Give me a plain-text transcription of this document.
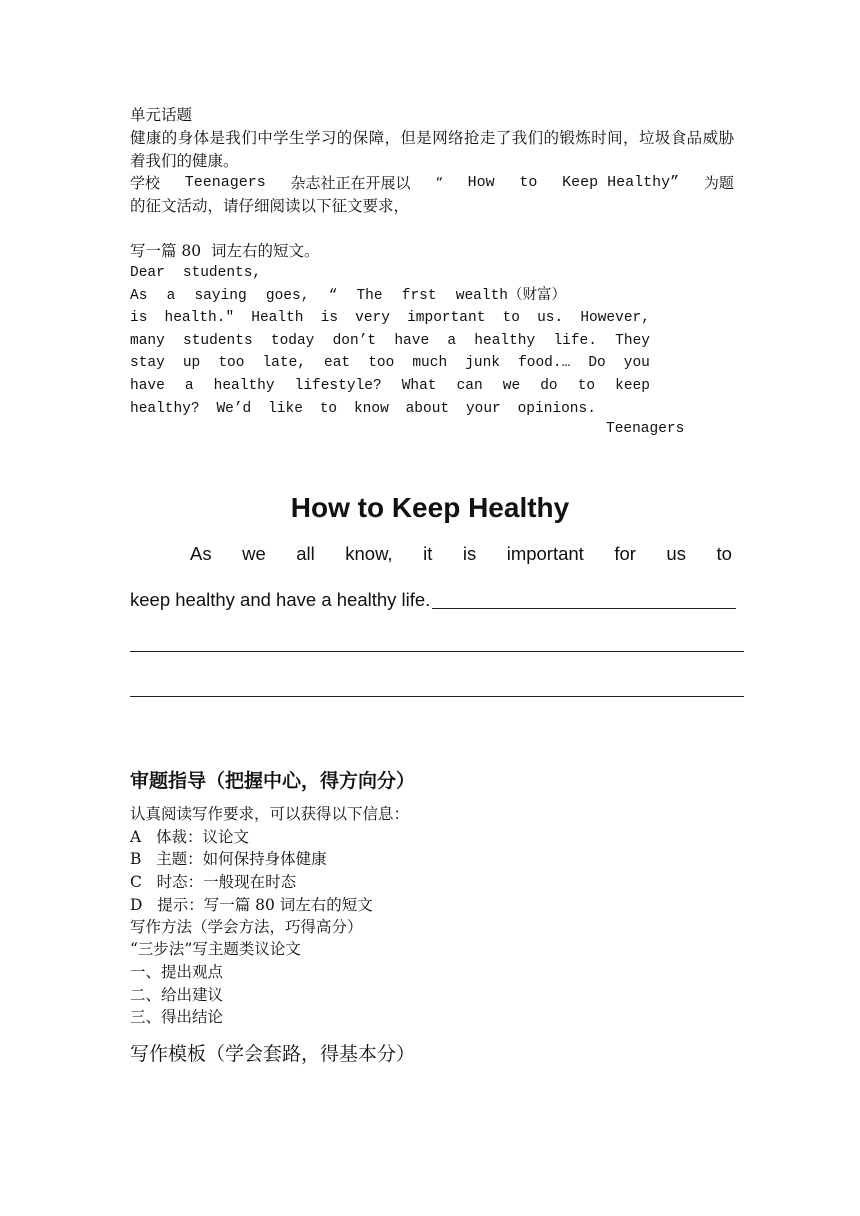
单元话题
健康的身体是我们中学生学习的保障，但是网络抢走了我们的锻炼时间，垃圾食品威胁着我们的健康。
学校 Teenagers 杂志社正在开展以 “ How to Keep Healthy” 为题
的征文活动，请仔细阅读以下征文要求，
写一篇 80  词左右的短文。
Dear students,
As a saying goes, “ The frst wealth（财富）
is health.″ Health is very important to us. However,
many students today don’t have a healthy life. They
stay up too late, eat too much junk food.… Do you
have a healthy lifestyle? What can we do to keep
healthy? We’d like to know about your opinions.
Teenagers
How to Keep Healthy
As we all know, it is important for us to
keep healthy and have a healthy life.
审题指导（把握中心，得方向分）
认真阅读写作要求，可以获得以下信息：
A   体裁：议论文
B   主题：如何保持身体健康
C   时态：一般现在时态
D   提示：写一篇 80 词左右的短文
写作方法（学会方法，巧得高分）
“三步法”写主题类议论文
一、提出观点
二、给出建议
三、得出结论
写作模板（学会套路，得基本分）
